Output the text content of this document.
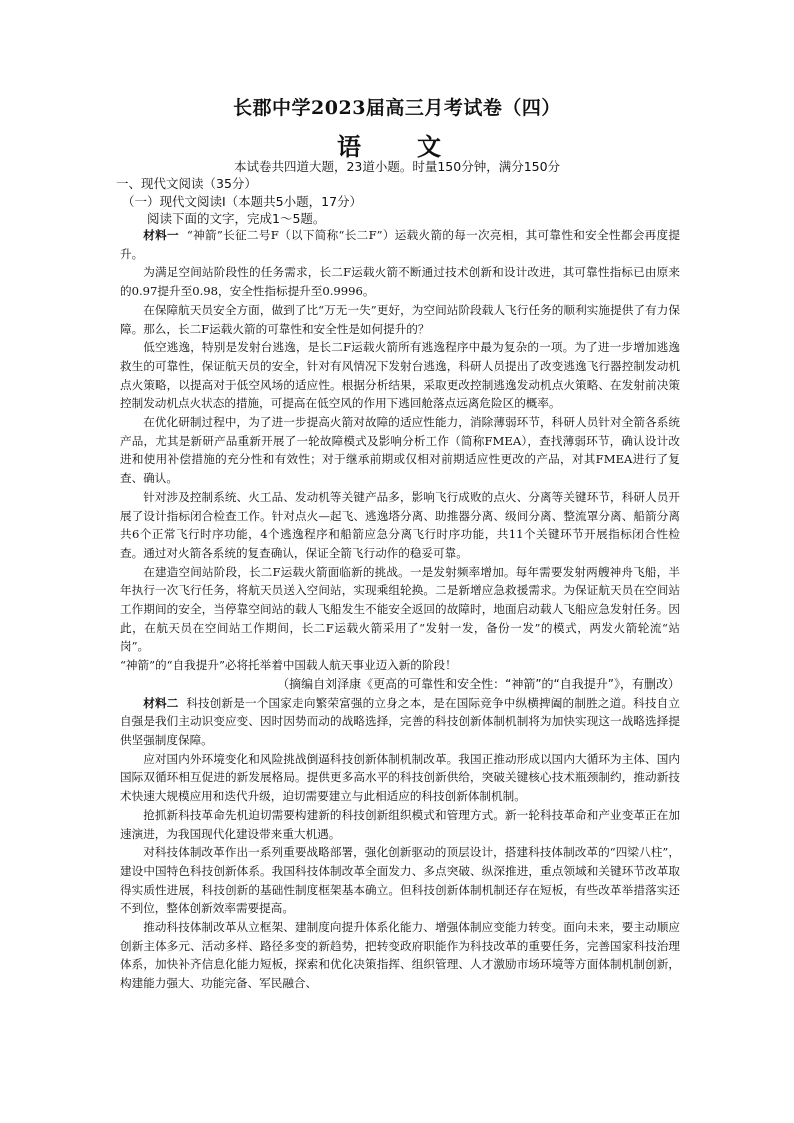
长郡中学2023届高三月考试卷（四）
语　文
本试卷共四道大题，23道小题。时量150分钟，满分150分
一、现代文阅读（35分）
（一）现代文阅读Ⅰ（本题共5小题，17分）
阅读下面的文字，完成1～5题。

材料一 “神箭”长征二号F（以下简称“长二F”）运载火箭的每一次亮相，其可靠性和安全性都会再度提升。

为满足空间站阶段性的任务需求，长二F运载火箭不断通过技术创新和设计改进，其可靠性指标已由原来的0.97提升至0.98，安全性指标提升至0.9996。

在保障航天员安全方面，做到了比“万无一失”更好，为空间站阶段载人飞行任务的顺利实施提供了有力保障。那么，长二F运载火箭的可靠性和安全性是如何提升的？

低空逃逸，特别是发射台逃逸，是长二F运载火箭所有逃逸程序中最为复杂的一项。为了进一步增加逃逸救生的可靠性，保证航天员的安全，针对有风情况下发射台逃逸，科研人员提出了改变逃逸飞行器控制发动机点火策略，以提高对于低空风场的适应性。根据分析结果，采取更改控制逃逸发动机点火策略、在发射前决策控制发动机点火状态的措施，可提高在低空风的作用下逃回舱落点远离危险区的概率。

在优化研制过程中，为了进一步提高火箭对故障的适应性能力，消除薄弱环节，科研人员针对全箭各系统产品，尤其是新研产品重新开展了一轮故障模式及影响分析工作（简称FMEA），查找薄弱环节，确认设计改进和使用补偿措施的充分性和有效性；对于继承前期或仅相对前期适应性更改的产品，对其FMEA进行了复查、确认。

针对涉及控制系统、火工品、发动机等关键产品多，影响飞行成败的点火、分离等关键环节，科研人员开展了设计指标闭合检查工作。针对点火—起飞、逃逸塔分离、助推器分离、级间分离、整流罩分离、船箭分离共6个正常飞行时序功能，4个逃逸程序和船箭应急分离飞行时序功能，共11个关键环节开展指标闭合性检查。通过对火箭各系统的复查确认，保证全箭飞行动作的稳妥可靠。

在建造空间站阶段，长二F运载火箭面临新的挑战。一是发射频率增加。每年需要发射两艘神舟飞船，半年执行一次飞行任务，将航天员送入空间站，实现乘组轮换。二是新增应急救援需求。为保证航天员在空间站工作期间的安全，当停靠空间站的载人飞船发生不能安全返回的故障时，地面启动载人飞船应急发射任务。因此，在航天员在空间站工作期间，长二F运载火箭采用了“发射一发，备份一发”的模式，两发火箭轮流“站岗”。

“神箭”的“自我提升”必将托举着中国载人航天事业迈入新的阶段！

（摘编自刘泽康《更高的可靠性和安全性：“神箭”的“自我提升”》，有删改）

材料二 科技创新是一个国家走向繁荣富强的立身之本，是在国际竞争中纵横捭阖的制胜之道。科技自立自强是我们主动识变应变、因时因势而动的战略选择，完善的科技创新体制机制将为加快实现这一战略选择提供坚强制度保障。

应对国内外环境变化和风险挑战倒逼科技创新体制机制改革。我国正推动形成以国内大循环为主体、国内国际双循环相互促进的新发展格局。提供更多高水平的科技创新供给，突破关键核心技术瓶颈制约，推动新技术快速大规模应用和迭代升级，迫切需要建立与此相适应的科技创新体制机制。

抢抓新科技革命先机迫切需要构建新的科技创新组织模式和管理方式。新一轮科技革命和产业变革正在加速演进，为我国现代化建设带来重大机遇。

对科技体制改革作出一系列重要战略部署，强化创新驱动的顶层设计，搭建科技体制改革的“四梁八柱”，建设中国特色科技创新体系。我国科技体制改革全面发力、多点突破、纵深推进，重点领域和关键环节改革取得实质性进展，科技创新的基础性制度框架基本确立。但科技创新体制机制还存在短板，有些改革举措落实还不到位，整体创新效率需要提高。

推动科技体制改革从立框架、建制度向提升体系化能力、增强体制应变能力转变。面向未来，要主动顺应创新主体多元、活动多样、路径多变的新趋势，把转变政府职能作为科技改革的重要任务，完善国家科技治理体系，加快补齐信息化能力短板，探索和优化决策指挥、组织管理、人才激励市场环境等方面体制机制创新，构建能力强大、功能完备、军民融合、
